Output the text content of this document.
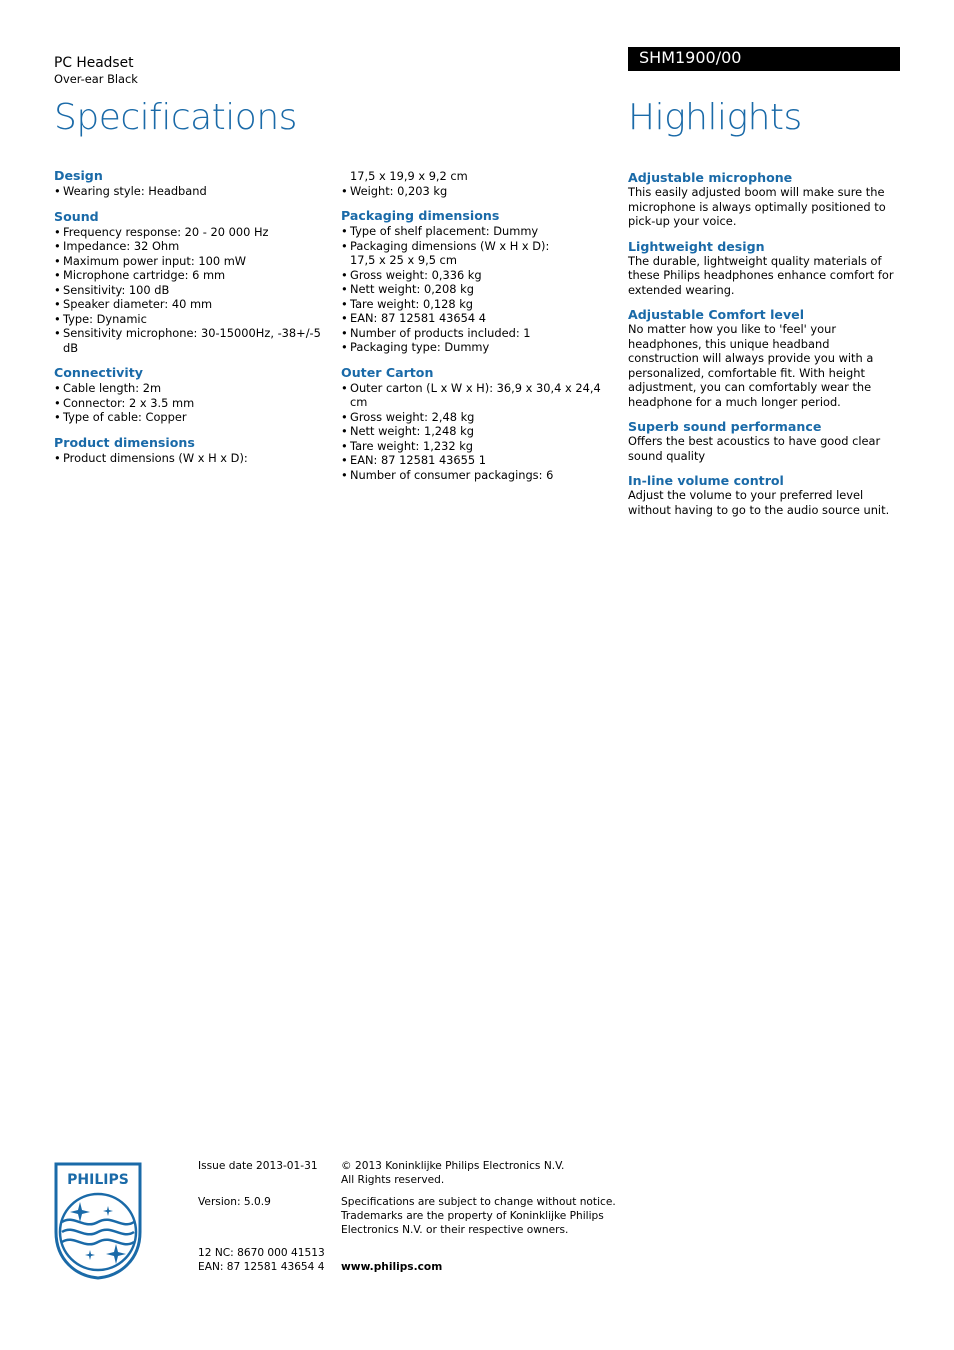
PC Headset
Over-ear Black
Specifications
SHM1900/00
Highlights
Design
• Wearing style: Headband
Sound
• Frequency response: 20 - 20 000 Hz
• Impedance: 32 Ohm
• Maximum power input: 100 mW
• Microphone cartridge: 6 mm
• Sensitivity: 100 dB
• Speaker diameter: 40 mm
• Type: Dynamic
• Sensitivity microphone: 30-15000Hz, -38+/-5 dB
Connectivity
• Cable length: 2m
• Connector: 2 x 3.5 mm
• Type of cable: Copper
Product dimensions
• Product dimensions (W x H x D):
17,5 x 19,9 x 9,2 cm
• Weight: 0,203 kg
Packaging dimensions
• Type of shelf placement: Dummy
• Packaging dimensions (W x H x D):
17,5 x 25 x 9,5 cm
• Gross weight: 0,336 kg
• Nett weight: 0,208 kg
• Tare weight: 0,128 kg
• EAN: 87 12581 43654 4
• Number of products included: 1
• Packaging type: Dummy
Outer Carton
• Outer carton (L x W x H): 36,9 x 30,4 x 24,4 cm
• Gross weight: 2,48 kg
• Nett weight: 1,248 kg
• Tare weight: 1,232 kg
• EAN: 87 12581 43655 1
• Number of consumer packagings: 6
Adjustable microphone

This easily adjusted boom will make sure the microphone is always optimally positioned to pick-up your voice.

Lightweight design

The durable, lightweight quality materials of these Philips headphones enhance comfort for extended wearing.

Adjustable Comfort level

No matter how you like to 'feel' your headphones, this unique headband construction will always provide you with a personalized, comfortable fit. With height adjustment, you can comfortably wear the headphone for a much longer period.

Superb sound performance

Offers the best acoustics to have good clear sound quality

In-line volume control

Adjust the volume to your preferred level without having to go to the audio source unit.

PHILIPS
Issue date 2013-01-31
Version: 5.0.9
12 NC: 8670 000 41513
EAN: 87 12581 43654 4
© 2013 Koninklijke Philips Electronics N.V.
All Rights reserved.
Specifications are subject to change without notice.
Trademarks are the property of Koninklijke Philips
Electronics N.V. or their respective owners.
www.philips.com
